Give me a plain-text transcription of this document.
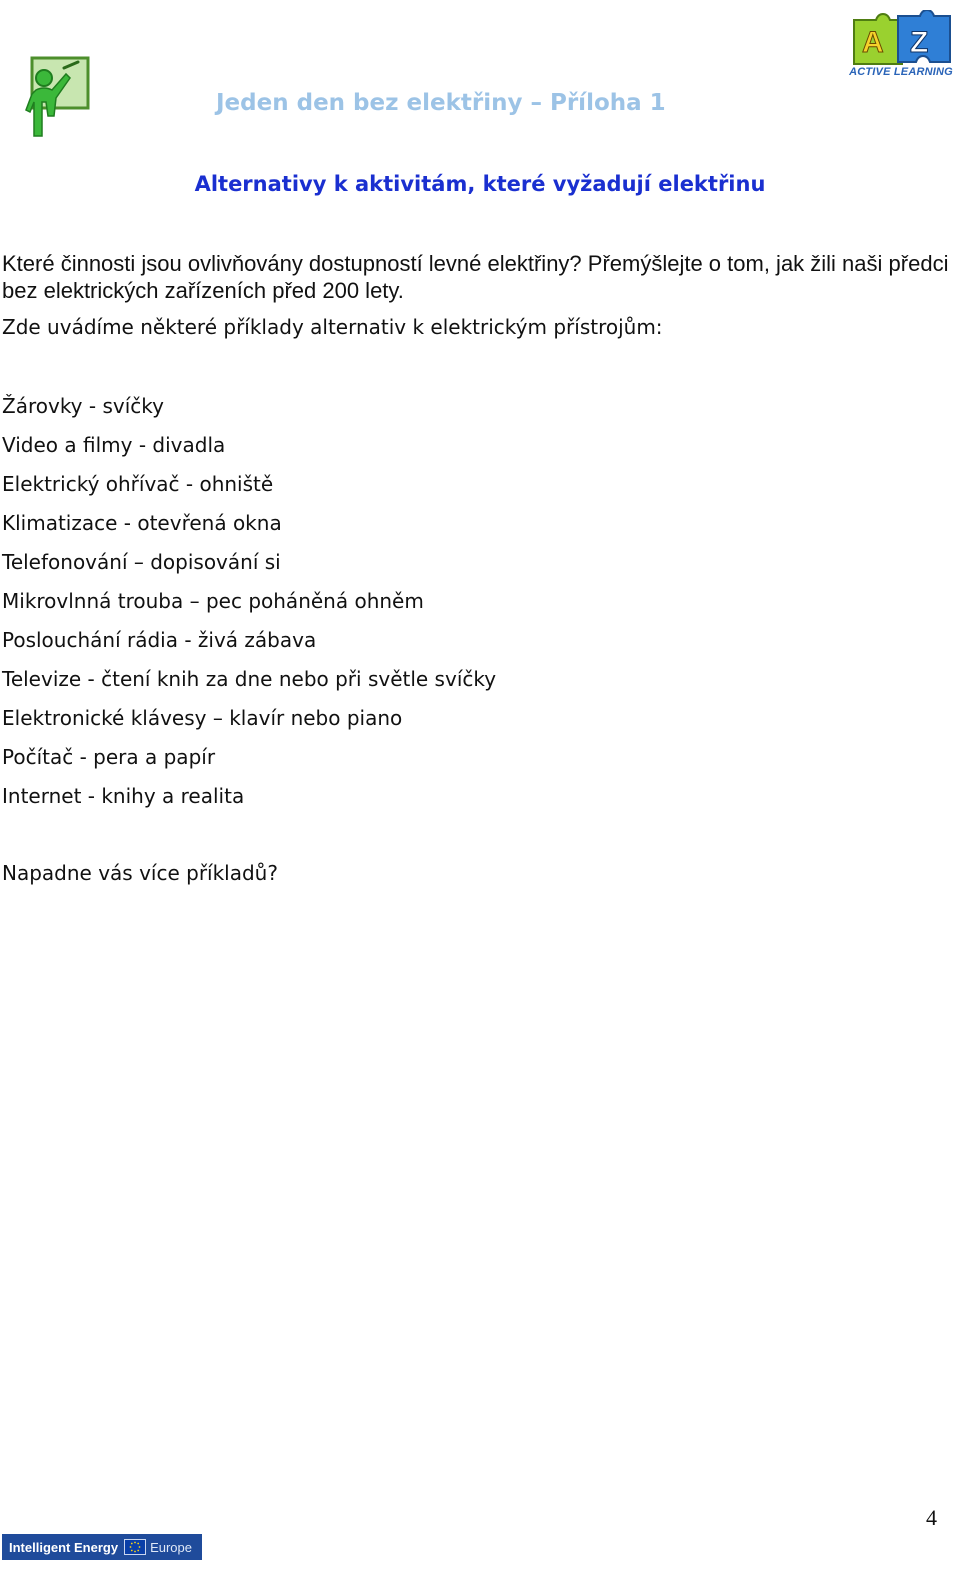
A Z
ACTIVE LEARNING
Jeden den bez elektřiny – Příloha 1
Alternativy k aktivitám, které vyžadují elektřinu
Které činnosti jsou ovlivňovány dostupností levné elektřiny? Přemýšlejte o tom, jak žili naši předci bez elektrických zařízeních před 200 lety.
Zde uvádíme některé příklady alternativ k elektrickým přístrojům:
Žárovky - svíčky
Video a filmy - divadla
Elektrický ohřívač - ohniště
Klimatizace - otevřená okna
Telefonování – dopisování si
Mikrovlnná trouba – pec poháněná ohněm
Poslouchání rádia - živá zábava
Televize - čtení knih za dne nebo při světle svíčky
Elektronické klávesy – klavír nebo piano
Počítač - pera a papír
Internet - knihy a realita
Napadne vás více příkladů?
4
Intelligent Energy Europe
